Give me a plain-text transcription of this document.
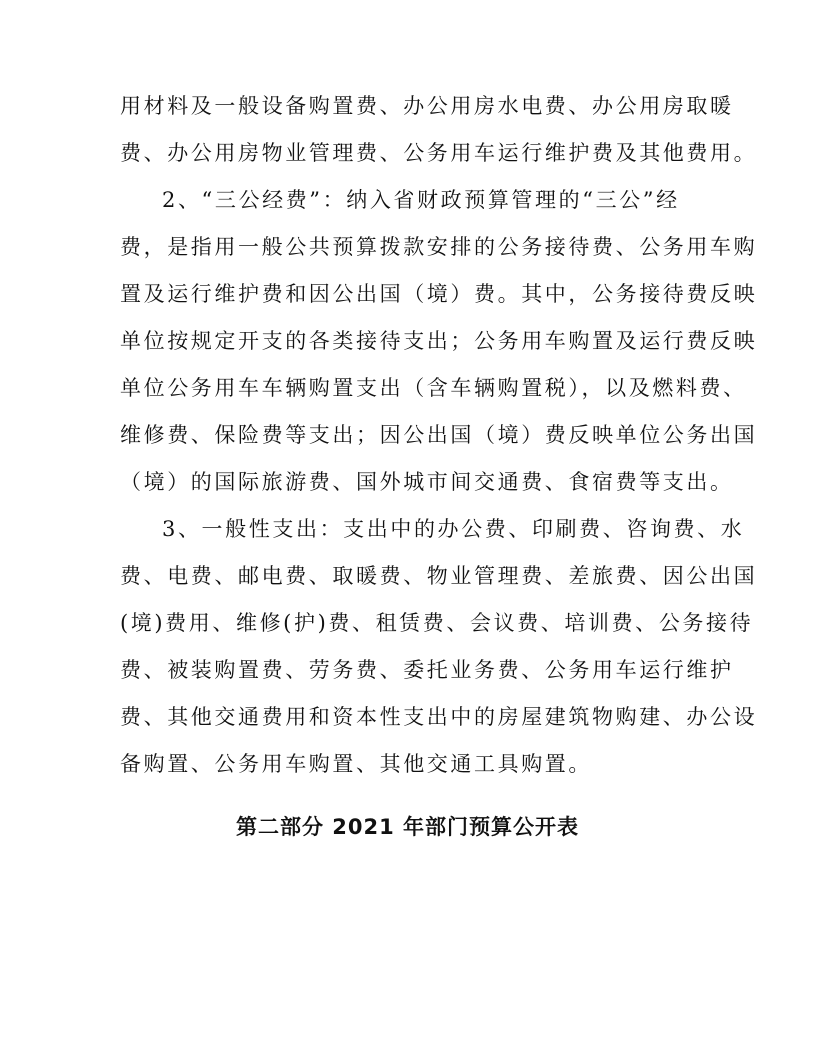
用材料及一般设备购置费、办公用房水电费、办公用房取暖
费、办公用房物业管理费、公务用车运行维护费及其他费用。
2、“三公经费”：纳入省财政预算管理的“三公”经
费，是指用一般公共预算拨款安排的公务接待费、公务用车购
置及运行维护费和因公出国（境）费。其中，公务接待费反映
单位按规定开支的各类接待支出；公务用车购置及运行费反映
单位公务用车车辆购置支出（含车辆购置税），以及燃料费、
维修费、保险费等支出；因公出国（境）费反映单位公务出国
（境）的国际旅游费、国外城市间交通费、食宿费等支出。
3、一般性支出：支出中的办公费、印刷费、咨询费、水
费、电费、邮电费、取暖费、物业管理费、差旅费、因公出国
(境)费用、维修(护)费、租赁费、会议费、培训费、公务接待
费、被装购置费、劳务费、委托业务费、公务用车运行维护
费、其他交通费用和资本性支出中的房屋建筑物购建、办公设
备购置、公务用车购置、其他交通工具购置。
第二部分 2021 年部门预算公开表
